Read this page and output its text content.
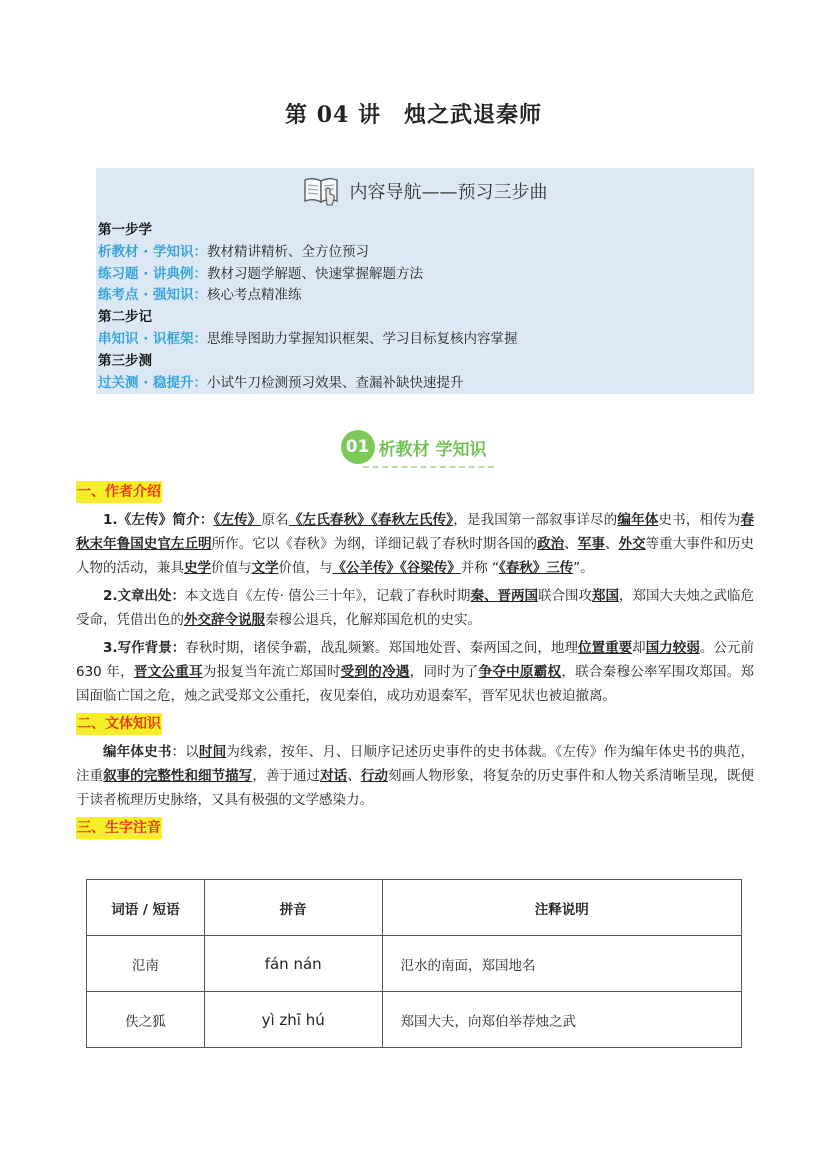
第 04 讲　烛之武退秦师
内容导航——预习三步曲
第一步学
析教材 · 学知识：教材精讲精析、全方位预习
练习题 · 讲典例：教材习题学解题、快速掌握解题方法
练考点 · 强知识：核心考点精准练
第二步记
串知识 · 识框架：思维导图助力掌握知识框架、学习目标复核内容掌握
第三步测
过关测 · 稳提升：小试牛刀检测预习效果、查漏补缺快速提升
01 析教材 学知识
一、作者介绍

1.《左传》简介：《左传》原名《左氏春秋》《春秋左氏传》，是我国第一部叙事详尽的编年体史书，相传为春秋末年鲁国史官左丘明所作。它以《春秋》为纲，详细记载了春秋时期各国的政治、军事、外交等重大事件和历史人物的活动，兼具史学价值与文学价值，与《公羊传》《谷梁传》并称 “《春秋》三传”。

2.文章出处：本文选自《左传· 僖公三十年》，记载了春秋时期秦、晋两国联合围攻郑国，郑国大夫烛之武临危受命，凭借出色的外交辞令说服秦穆公退兵，化解郑国危机的史实。

3.写作背景：春秋时期，诸侯争霸，战乱频繁。郑国地处晋、秦两国之间，地理位置重要却国力较弱。公元前 630 年，晋文公重耳为报复当年流亡郑国时受到的冷遇，同时为了争夺中原霸权，联合秦穆公率军围攻郑国。郑国面临亡国之危，烛之武受郑文公重托，夜见秦伯，成功劝退秦军，晋军见状也被迫撤离。

二、文体知识

编年体史书：以时间为线索，按年、月、日顺序记述历史事件的史书体裁。《左传》作为编年体史书的典范，注重叙事的完整性和细节描写，善于通过对话、行动刻画人物形象，将复杂的历史事件和人物关系清晰呈现，既便于读者梳理历史脉络，又具有极强的文学感染力。

三、生字注音
词语 / 短语	拼音	注释说明
氾南	fán nán	氾水的南面，郑国地名
佚之狐	yì zhī hú	郑国大夫，向郑伯举荐烛之武
